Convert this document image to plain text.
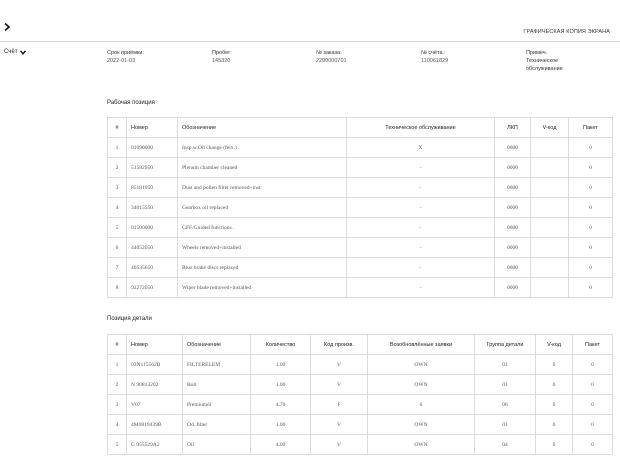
ГРАФИЧЕСКАЯ КОПИЯ ЭКРАНА
Счёт	Срок приёмки:
2022-01-03
Пробег:
145320
№ заказа:
2200000701
№ счёта.:
110061829
Примеч.
Техническое обслуживание
Рабочая позиция
#	Номер	Обозначение	Техническое обслуживание	ЛКП	V-код	Пакет
1	01090000	Insp.w.Oil change (felx.) .	X	0000		0
2	51582950	Plenum chamber cleaned	-	0000		0
3	85181950	Dust and pollen filter removed+inst	-	0000		0
4	34015550	Gearbox oil replaced	-	0000		0
5	01500000	GFF/Guided functions .	-	0000		0
6	44052050	Wheels removed+installed	-	0000		0
7	46535650	Rear brake discs replaced	-	0000		0
8	92272050	Wiper blade removed+installed	-	0000		0
Позиция детали
#	Номер	Обозначение	Количество	Код произв.	Возобновлённые заявки	Группа детали	V-код	Пакет
1	03N115562B	FILTERELEM	1.00	V	OWN	01	0	0
2	N 90813202	Bolt	1.00	V	OWN	01	0	0
3	V07	Premiumöl	4.70	F	6	06	0	0
4	4M0819439B	Od. filter	1.00	V	OWN	01	0	0
5	G 055529A2	Oil	4.00	V	OWN	04	0	0
